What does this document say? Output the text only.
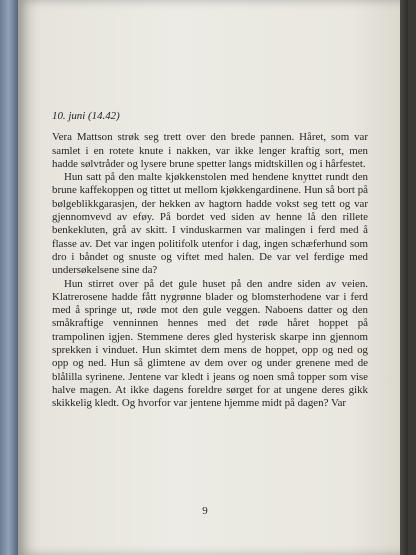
10. juni (14.42)

Vera Mattson strøk seg trett over den brede pannen. Håret, som var samlet i en rotete knute i nakken, var ikke lenger kraftig sort, men hadde sølvtråder og lysere brune spetter langs midtskillen og i hårfestet.

Hun satt på den malte kjøkkenstolen med hendene knyttet rundt den brune kaffekoppen og tittet ut mellom kjøkkengardinene. Hun så bort på bølgeblikkgarasjen, der hekken av hagtorn hadde vokst seg tett og var gjennomvevd av eføy. På bordet ved siden av henne lå den rillete benkekluten, grå av skitt. I vinduskarmen var malingen i ferd med å flasse av. Det var ingen politifolk utenfor i dag, ingen schæferhund som dro i båndet og snuste og viftet med halen. De var vel ferdige med undersøkelsene sine da?

Hun stirret over på det gule huset på den andre siden av veien. Klatrerosene hadde fått nygrønne blader og blomsterhodene var i ferd med å springe ut, røde mot den gule veggen. Naboens datter og den småkraftige venninnen hennes med det røde håret hoppet på trampolinen igjen. Stemmene deres gled hysterisk skarpe inn gjennom sprekken i vinduet. Hun skimtet dem mens de hoppet, opp og ned og opp og ned. Hun så glimtene av dem over og under grenene med de blålilla syrinene. Jentene var kledt i jeans og noen små topper som vise halve magen. At ikke dagens foreldre sørget for at ungene deres gikk skikkelig kledt. Og hvorfor var jentene hjemme midt på dagen? Var

9
